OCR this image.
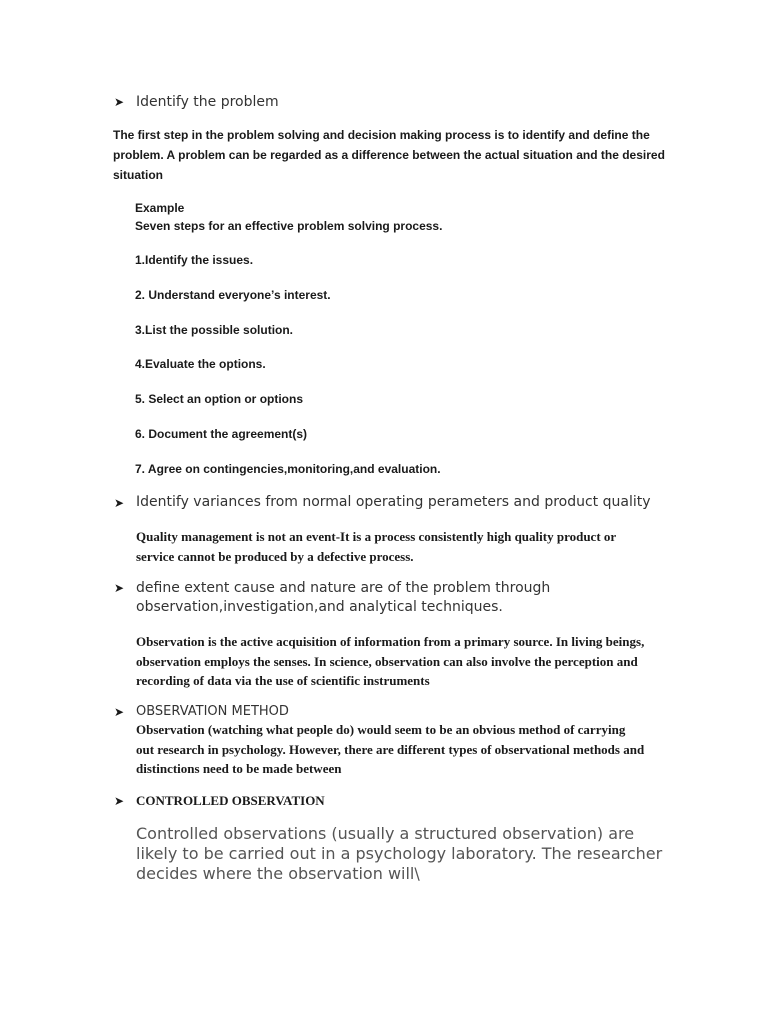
➤ Identify the problem
The first step in the problem solving and decision making process is to identify and define the
problem. A problem can be regarded as a difference between the actual situation and the desired
situation
Example
Seven steps for an effective problem solving process.
1.Identify the issues.
2. Understand everyone’s interest.
3.List the possible solution.
4.Evaluate the options.
5. Select an option or options
6. Document the agreement(s)
7. Agree on contingencies,monitoring,and evaluation.
➤ Identify variances from normal operating perameters and product quality
Quality management is not an event-It is a process consistently high quality product or
service cannot be produced by a defective process.
➤ define extent cause and nature are of the problem through
observation,investigation,and analytical techniques.
Observation is the active acquisition of information from a primary source. In living beings,
observation employs the senses. In science, observation can also involve the perception and
recording of data via the use of scientific instruments
➤ OBSERVATION METHOD
Observation (watching what people do) would seem to be an obvious method of carrying
out research in psychology. However, there are different types of observational methods and
distinctions need to be made between
➤ CONTROLLED OBSERVATION
Controlled observations (usually a structured observation) are
likely to be carried out in a psychology laboratory. The researcher
decides where the observation will\
